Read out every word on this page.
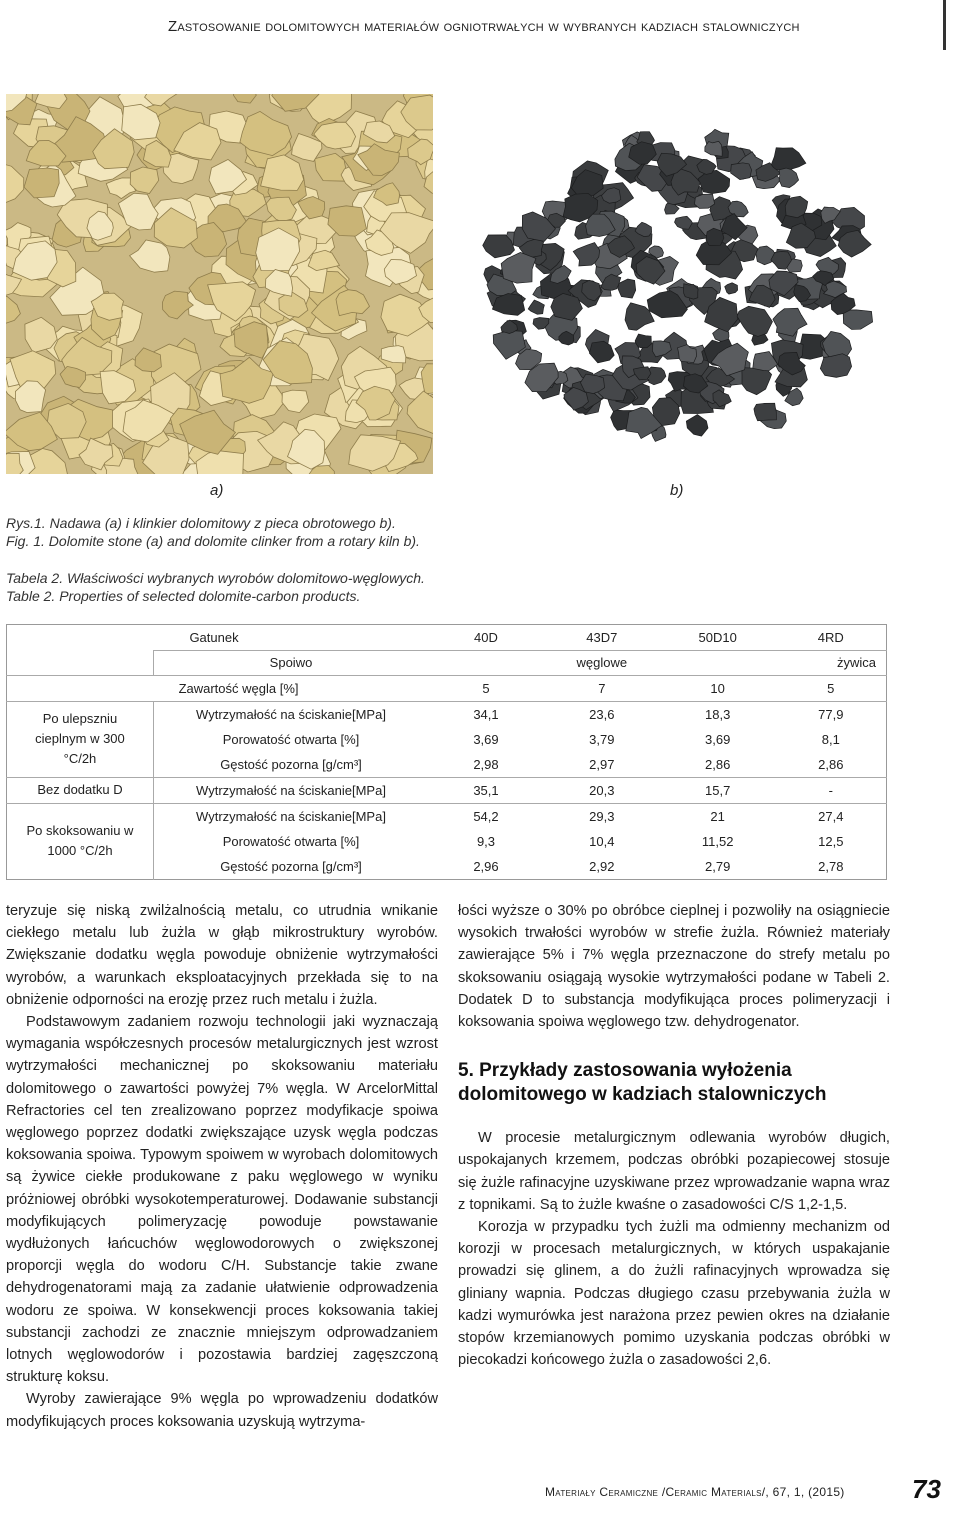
Zastosowanie dolomitowych materiałów ogniotrwałych w wybranych kadziach stalowniczych
a)	b)
Rys.1. Nadawa (a) i klinkier dolomitowy z pieca obrotowego b).
Fig. 1. Dolomite stone (a) and dolomite clinker from a rotary kiln b).
Tabela 2. Właściwości wybranych wyrobów dolomitowo-węglowych.
Table 2. Properties of selected dolomite-carbon products.
	Gatunek	40D	43D7	50D10	4RD
	Spoiwo	węglowe			żywica
Zawartość węgla [%]		5	7	10	5

Po ulepszniu cieplnym w 300 °C/2h	Wytrzymałość na ściskanie[MPa]	34,1	23,6	18,3	77,9
	Porowatość otwarta [%]	3,69	3,79	3,69	8,1
	Gęstość pozorna [g/cm³]	2,98	2,97	2,86	2,86
Bez dodatku D	Wytrzymałość na ściskanie[MPa]	35,1	20,3	15,7	-

Po skoksowaniu w 1000 °C/2h	Wytrzymałość na ściskanie[MPa]	54,2	29,3	21	27,4
	Porowatość otwarta [%]	9,3	10,4	11,52	12,5
	Gęstość pozorna [g/cm³]	2,96	2,92	2,79	2,78

teryzuje się niską zwilżalnością metalu, co utrudnia wnikanie ciekłego metalu lub żużla w głąb mikrostruktury wyrobów. Zwiększanie dodatku węgla powoduje obniżenie wytrzymałości wyrobów, a warunkach eksploatacyjnych przekłada się to na obniżenie odporności na erozję przez ruch metalu i żużla.

Podstawowym zadaniem rozwoju technologii jaki wyznaczają wymagania współczesnych procesów metalurgicznych jest wzrost wytrzymałości mechanicznej po skoksowaniu materiału dolomitowego o zawartości powyżej 7% węgla. W ArcelorMittal Refractories cel ten zrealizowano poprzez modyfikacje spoiwa węglowego poprzez dodatki zwiększające uzysk węgla podczas koksowania spoiwa. Typowym spoiwem w wyrobach dolomitowych są żywice ciekłe produkowane z paku węglowego w wyniku próżniowej obróbki wysokotemperaturowej. Dodawanie substancji modyfikujących polimeryzację powoduje powstawanie wydłużonych łańcuchów węglowodorowych o zwiększonej proporcji węgla do wodoru C/H. Substancje takie zwane dehydrogenatorami mają za zadanie ułatwienie odprowadzenia wodoru ze spoiwa. W konsekwencji proces koksowania takiej substancji zachodzi ze znacznie mniejszym odprowadzaniem lotnych węglowodorów i pozostawia bardziej zagęszczoną strukturę koksu.

Wyroby zawierające 9% węgla po wprowadzeniu dodatków modyfikujących proces koksowania uzyskują wytrzyma-

łości wyższe o 30% po obróbce cieplnej i pozwoliły na osiągniecie wysokich trwałości wyrobów w strefie żużla. Również materiały zawierające 5% i 7% węgla przeznaczone do strefy metalu po skoksowaniu osiągają wysokie wytrzymałości podane w Tabeli 2. Dodatek D to substancja modyfikująca proces polimeryzacji i koksowania spoiwa węglowego tzw. dehydrogenator.

5. Przykłady zastosowania wyłożenia dolomitowego w kadziach stalowniczych

W procesie metalurgicznym odlewania wyrobów długich, uspokajanych krzemem, podczas obróbki pozapiecowej stosuje się żużle rafinacyjne uzyskiwane przez wprowadzanie wapna wraz z topnikami. Są to żużle kwaśne o zasadowości C/S 1,2-1,5.

Korozja w przypadku tych żużli ma odmienny mechanizm od korozji w procesach metalurgicznych, w których uspakajanie prowadzi się glinem, a do żużli rafinacyjnych wprowadza się gliniany wapnia. Podczas długiego czasu przebywania żużla w kadzi wymurówka jest narażona przez pewien okres na działanie stopów krzemianowych pomimo uzyskania podczas obróbki w piecokadzi końcowego żużla o zasadowości 2,6.

Materiały Ceramiczne /Ceramic Materials/, 67, 1, (2015)	73
